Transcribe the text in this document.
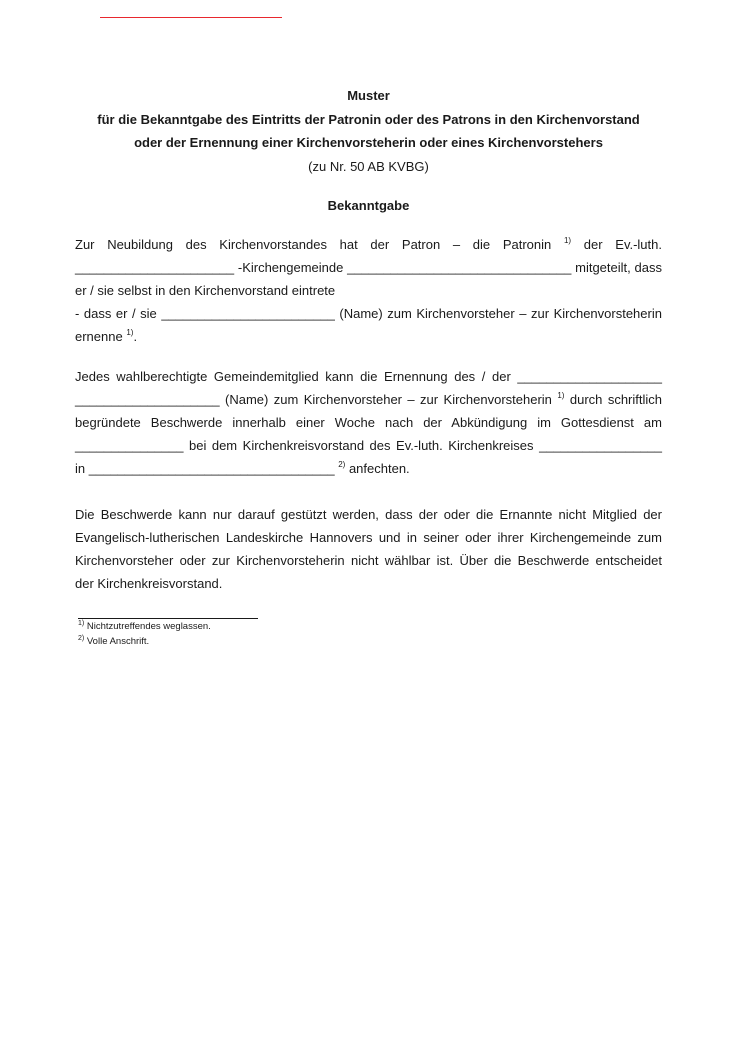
Muster
für die Bekanntgabe des Eintritts der Patronin oder des Patrons in den Kirchenvorstand
oder der Ernennung einer Kirchenvorsteherin oder eines Kirchenvorstehers
(zu Nr. 50 AB KVBG)
Bekanntgabe
Zur Neubildung des Kirchenvorstandes hat der Patron – die Patronin $^{1)}$ der Ev.-luth.
______________________ -Kirchengemeinde _______________________________ mitgeteilt, dass
er / sie selbst in den Kirchenvorstand eintrete
- dass er / sie ________________________ (Name) zum Kirchenvorsteher – zur Kirchenvorsteherin
ernenne $^{1)}$.
Jedes wahlberechtigte Gemeindemitglied kann die Ernennung des / der ____________________
____________________ (Name) zum Kirchenvorsteher – zur Kirchenvorsteherin $^{1)}$ durch schriftlich
begründete Beschwerde innerhalb einer Woche nach der Abkündigung im Gottesdienst am
_______________ bei dem Kirchenkreisvorstand des Ev.-luth. Kirchenkreises _________________
in __________________________________ $^{2)}$ anfechten.
Die Beschwerde kann nur darauf gestützt werden, dass der oder die Ernannte nicht Mitglied der
Evangelisch-lutherischen Landeskirche Hannovers und in seiner oder ihrer Kirchengemeinde zum
Kirchenvorsteher oder zur Kirchenvorsteherin nicht wählbar ist. Über die Beschwerde entscheidet
der Kirchenkreisvorstand.
$^{1)}$ Nichtzutreffendes weglassen.
$^{2)}$ Volle Anschrift.
